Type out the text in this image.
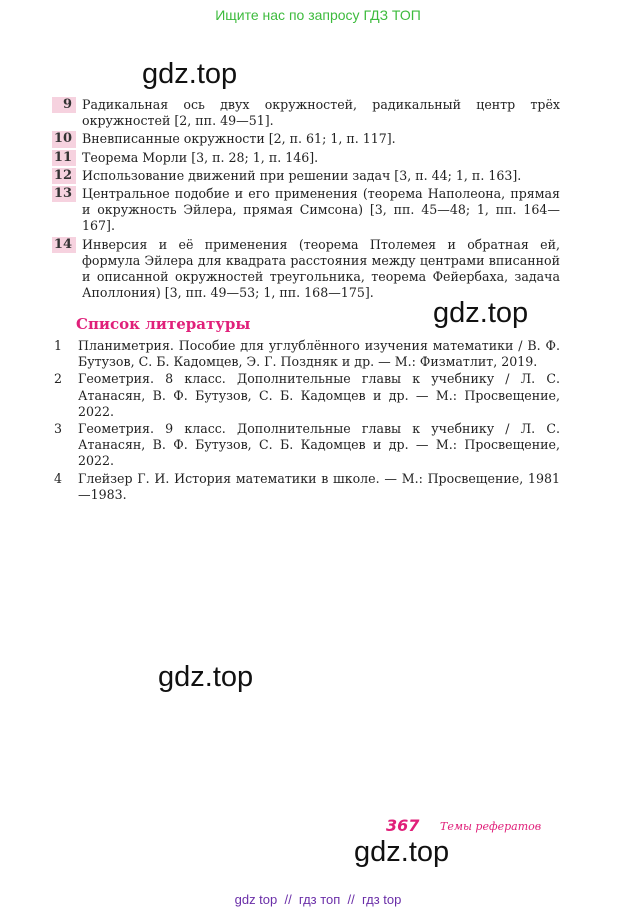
Ищите нас по запросу ГДЗ ТОП
gdz.top
gdz.top
gdz.top
gdz.top
9 Радикальная ось двух окружностей, радикальный центр трёх окружностей [2, пп. 49—51].
10 Вневписанные окружности [2, п. 61; 1, п. 117].
11 Теорема Морли [3, п. 28; 1, п. 146].
12 Использование движений при решении задач [3, п. 44; 1, п. 163].
13 Центральное подобие и его применения (теорема Наполеона, прямая и окружность Эйлера, прямая Симсона) [3, пп. 45—48; 1, пп. 164—167].
14 Инверсия и её применения (теорема Птолемея и обратная ей, формула Эйлера для квадрата расстояния между центрами вписанной и описанной окружностей треугольника, теорема Фейербаха, задача Аполлония) [3, пп. 49—53; 1, пп. 168—175].
Список литературы
1	Планиметрия. Пособие для углублённого изучения математики / В. Ф. Бутузов, С. Б. Кадомцев, Э. Г. Поздняк и др. — М.: Физматлит, 2019.
2	Геометрия. 8 класс. Дополнительные главы к учебнику / Л. С. Атанасян, В. Ф. Бутузов, С. Б. Кадомцев и др. — М.: Просвещение, 2022.
3	Геометрия. 9 класс. Дополнительные главы к учебнику / Л. С. Атанасян, В. Ф. Бутузов, С. Б. Кадомцев и др. — М.: Просвещение, 2022.
4	Глейзер Г. И. История математики в школе. — М.: Просвещение, 1981—1983.
367 Темы рефератов
gdz top  //  гдз топ  //  гдз top
